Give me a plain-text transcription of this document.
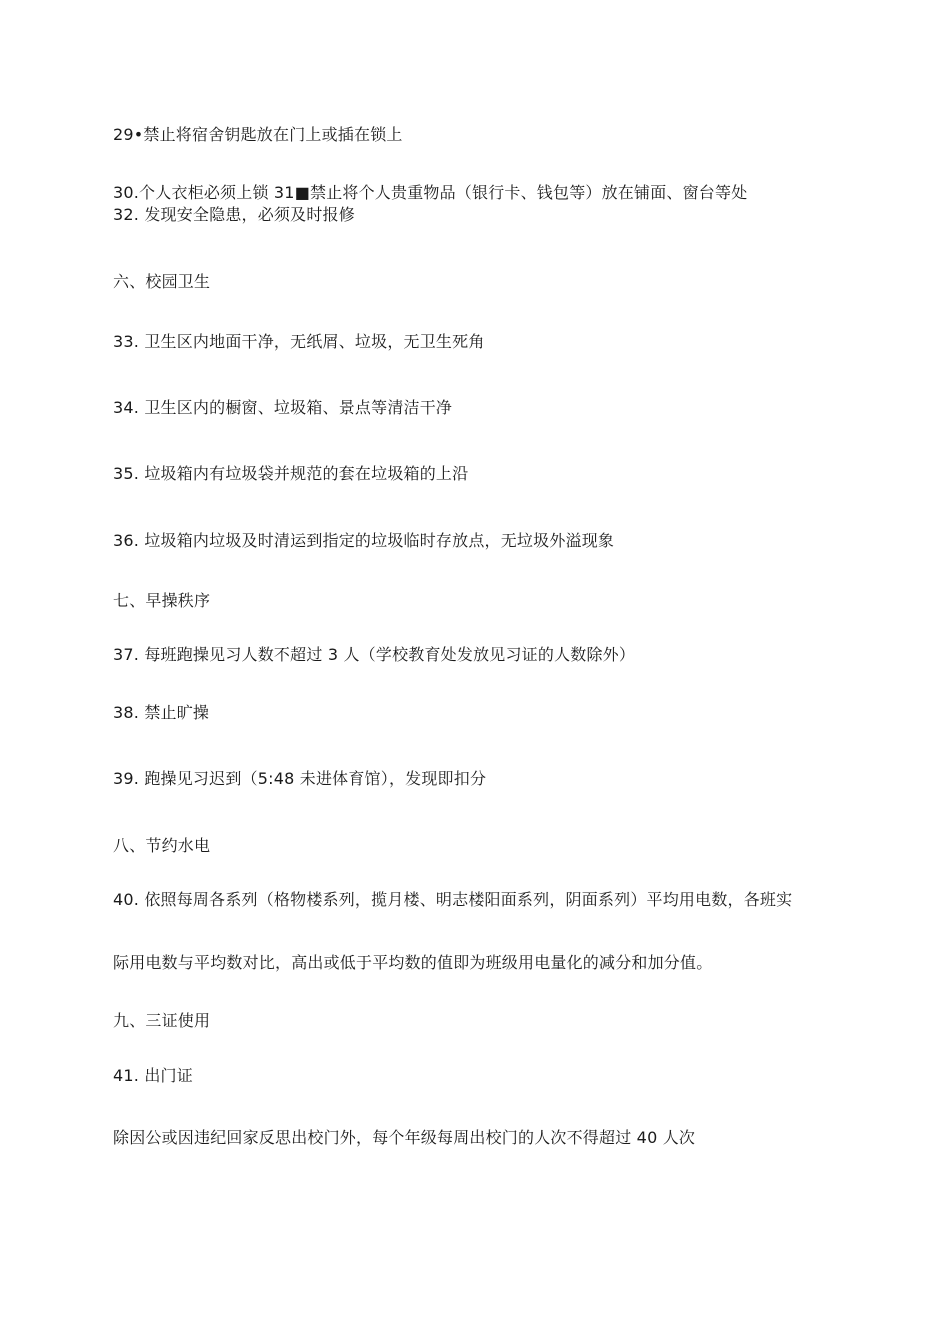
29•禁止将宿舍钥匙放在门上或插在锁上
30.个人衣柜必须上锁 31■禁止将个人贵重物品（银行卡、钱包等）放在铺面、窗台等处
32. 发现安全隐患，必须及时报修
六、校园卫生
33. 卫生区内地面干净，无纸屑、垃圾，无卫生死角
34. 卫生区内的橱窗、垃圾箱、景点等清洁干净
35. 垃圾箱内有垃圾袋并规范的套在垃圾箱的上沿
36. 垃圾箱内垃圾及时清运到指定的垃圾临时存放点，无垃圾外溢现象
七、早操秩序
37. 每班跑操见习人数不超过 3 人（学校教育处发放见习证的人数除外）
38. 禁止旷操
39. 跑操见习迟到（5:48 未进体育馆），发现即扣分
八、节约水电
40. 依照每周各系列（格物楼系列，揽月楼、明志楼阳面系列，阴面系列）平均用电数，各班实
际用电数与平均数对比，高出或低于平均数的值即为班级用电量化的减分和加分值。
九、三证使用
41. 出门证
除因公或因违纪回家反思出校门外，每个年级每周出校门的人次不得超过 40 人次
